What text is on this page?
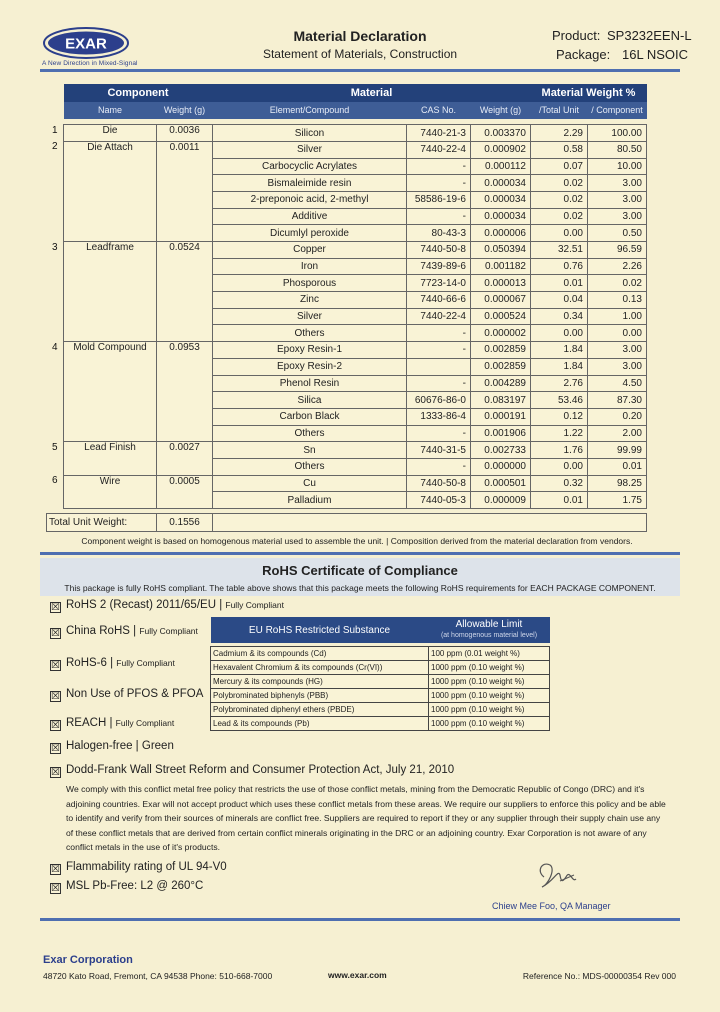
EXAR
A New Direction in Mixed-Signal
Material Declaration
Statement of Materials, Construction
Product: SP3232EEN-L
Package: 16L NSOIC
	Component		Material			Material Weight %	
	Name	Weight (g)	Element/Compound	CAS No.	Weight (g)	/Total Unit	/ Component

1	Die	0.0036	Silicon	7440-21-3	0.003370	2.29	100.00
2	Die Attach	0.0011	Silver	7440-22-4	0.000902	0.58	80.50
			Carbocyclic Acrylates	-	0.000112	0.07	10.00
			Bismaleimide resin	-	0.000034	0.02	3.00
			2-preponoic acid, 2-methyl	58586-19-6	0.000034	0.02	3.00
			Additive	-	0.000034	0.02	3.00
			Dicumlyl peroxide	80-43-3	0.000006	0.00	0.50
3	Leadframe	0.0524	Copper	7440-50-8	0.050394	32.51	96.59
			Iron	7439-89-6	0.001182	0.76	2.26
			Phosporous	7723-14-0	0.000013	0.01	0.02
			Zinc	7440-66-6	0.000067	0.04	0.13
			Silver	7440-22-4	0.000524	0.34	1.00
			Others	-	0.000002	0.00	0.00
4	Mold Compound	0.0953	Epoxy Resin-1	-	0.002859	1.84	3.00
			Epoxy Resin-2		0.002859	1.84	3.00
			Phenol Resin	-	0.004289	2.76	4.50
			Silica	60676-86-0	0.083197	53.46	87.30
			Carbon Black	1333-86-4	0.000191	0.12	0.20
			Others	-	0.001906	1.22	2.00
5	Lead Finish	0.0027	Sn	7440-31-5	0.002733	1.76	99.99
			Others	-	0.000000	0.00	0.01
6	Wire	0.0005	Cu	7440-50-8	0.000501	0.32	98.25
			Palladium	7440-05-3	0.000009	0.01	1.75

Total Unit Weight:		0.1556					
Component weight is based on homogenous material used to assemble the unit. | Composition derived from the material declaration from vendors.
RoHS Certificate of Compliance
This package is fully RoHS compliant. The table above shows that this package meets the following RoHS requirements for EACH PACKAGE COMPONENT.
☒ RoHS 2 (Recast) 2011/65/EU | Fully Compliant
☒ China RoHS | Fully Compliant
☒ RoHS-6 | Fully Compliant
☒ Non Use of PFOS & PFOA
☒ REACH | Fully Compliant
☒ Halogen-free | Green
☒ Dodd-Frank Wall Street Reform and Consumer Protection Act, July 21, 2010
☒ Flammability rating of UL 94-V0
☒ MSL Pb-Free: L2 @ 260°C
EU RoHS Restricted Substance	Allowable Limit
(at homogenous material level)

Cadmium & its compounds (Cd)	100 ppm (0.01 weight %)
Hexavalent Chromium & its compounds (Cr(VI))	1000 ppm (0.10 weight %)
Mercury & its compounds (HG)	1000 ppm (0.10 weight %)
Polybrominated biphenyls (PBB)	1000 ppm (0.10 weight %)
Polybrominated diphenyl ethers (PBDE)	1000 ppm (0.10 weight %)
Lead & its compounds (Pb)	1000 ppm (0.10 weight %)
We comply with this conflict metal free policy that restricts the use of those conflict metals, mining from the Democratic Republic of Congo (DRC) and it's adjoining countries. Exar will not accept product which uses these conflict metals from these areas. We require our suppliers to enforce this policy and be able to identify and verify from their sources of minerals are conflict free. Suppliers are required to report if they or any supplier through their supply chain use any of these conflict metals that are derived from certain conflict minerals originating in the DRC or an adjoining country. Exar Corporation is not aware of any conflict metals in the use of it's products.
Chiew Mee Foo, QA Manager
Exar Corporation
48720 Kato Road, Fremont, CA 94538 Phone: 510-668-7000	www.exar.com	Reference No.: MDS-00000354 Rev 000
